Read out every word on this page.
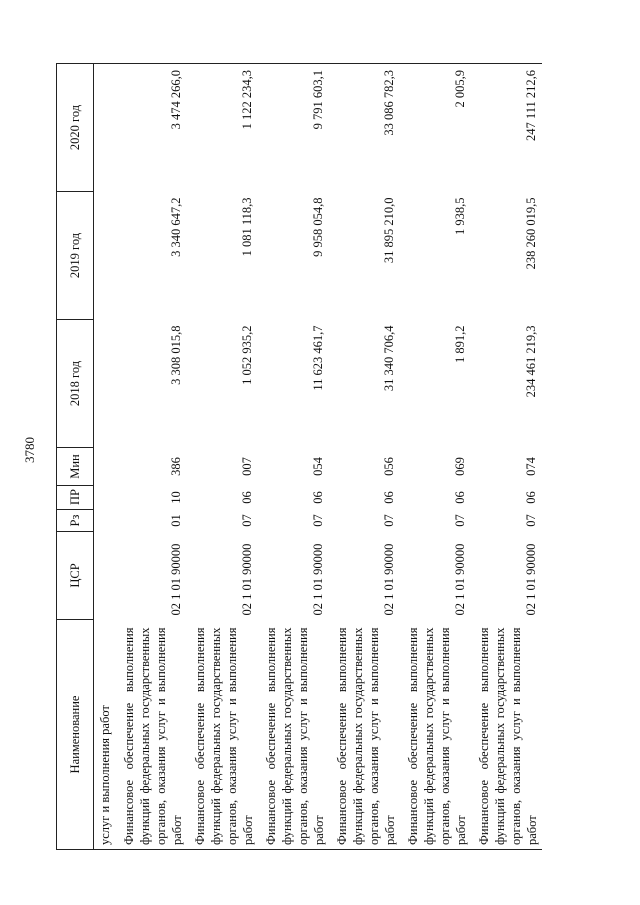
3780
Наименование	ЦСР	Рз	ПР	Мин	2018 год	2019 год	2020 год
услуг и выполнения работ							
Финансовое обеспечение выполнения функций федеральных государственных органов, оказания услуг и выполнения работ	02 1 01 90000	01	10	386	3 308 015,8	3 340 647,2	3 474 266,0
Финансовое обеспечение выполнения функций федеральных государственных органов, оказания услуг и выполнения работ	02 1 01 90000	07	06	007	1 052 935,2	1 081 118,3	1 122 234,3
Финансовое обеспечение выполнения функций федеральных государственных органов, оказания услуг и выполнения работ	02 1 01 90000	07	06	054	11 623 461,7	9 958 054,8	9 791 603,1
Финансовое обеспечение выполнения функций федеральных государственных органов, оказания услуг и выполнения работ	02 1 01 90000	07	06	056	31 340 706,4	31 895 210,0	33 086 782,3
Финансовое обеспечение выполнения функций федеральных государственных органов, оказания услуг и выполнения работ	02 1 01 90000	07	06	069	1 891,2	1 938,5	2 005,9
Финансовое обеспечение выполнения функций федеральных государственных органов, оказания услуг и выполнения работ	02 1 01 90000	07	06	074	234 461 219,3	238 260 019,5	247 111 212,6
